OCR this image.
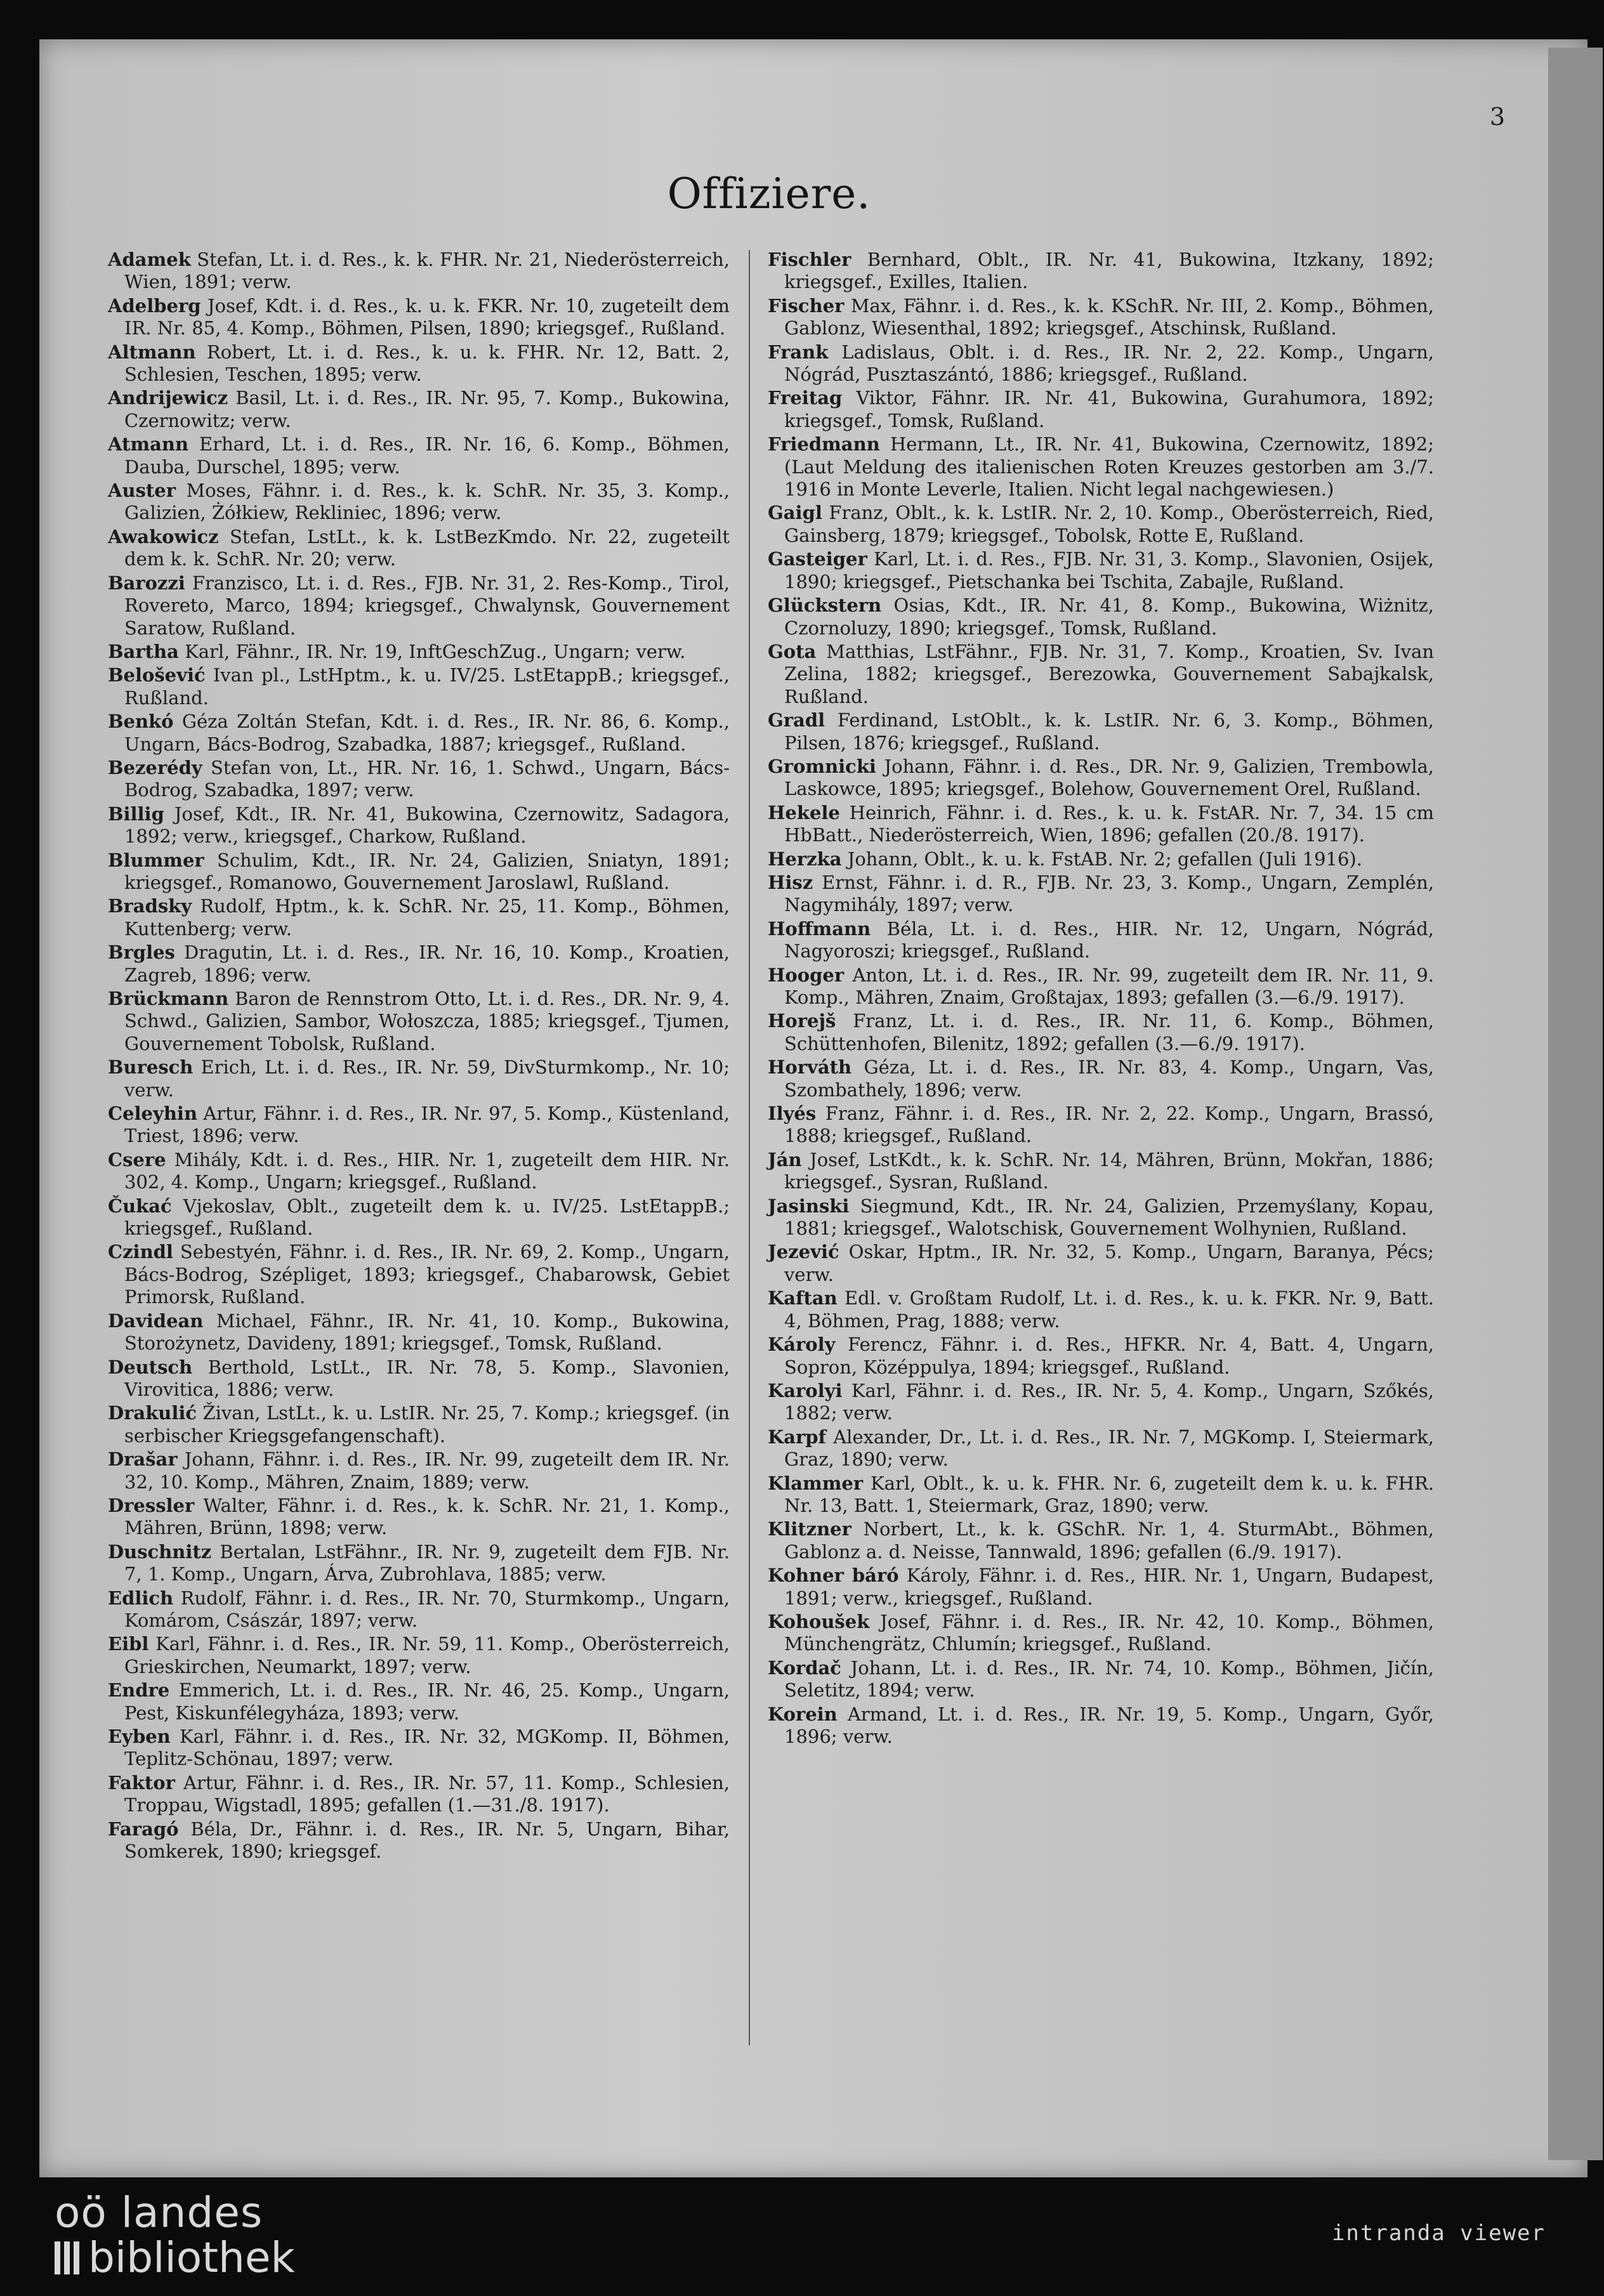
3
Offiziere.
Adamek Stefan, Lt. i. d. Res., k. k. FHR. Nr. 21, Niederösterreich, Wien, 1891; verw.
Adelberg Josef, Kdt. i. d. Res., k. u. k. FKR. Nr. 10, zugeteilt dem IR. Nr. 85, 4. Komp., Böhmen, Pilsen, 1890; kriegsgef., Rußland.
Altmann Robert, Lt. i. d. Res., k. u. k. FHR. Nr. 12, Batt. 2, Schlesien, Teschen, 1895; verw.
Andrijewicz Basil, Lt. i. d. Res., IR. Nr. 95, 7. Komp., Bukowina, Czernowitz; verw.
Atmann Erhard, Lt. i. d. Res., IR. Nr. 16, 6. Komp., Böhmen, Dauba, Durschel, 1895; verw.
Auster Moses, Fähnr. i. d. Res., k. k. SchR. Nr. 35, 3. Komp., Galizien, Żółkiew, Rekliniec, 1896; verw.
Awakowicz Stefan, LstLt., k. k. LstBezKmdo. Nr. 22, zugeteilt dem k. k. SchR. Nr. 20; verw.
Barozzi Franzisco, Lt. i. d. Res., FJB. Nr. 31, 2. Res-Komp., Tirol, Rovereto, Marco, 1894; kriegsgef., Chwalynsk, Gouvernement Saratow, Rußland.
Bartha Karl, Fähnr., IR. Nr. 19, InftGeschZug., Ungarn; verw.
Belošević Ivan pl., LstHptm., k. u. IV/25. LstEtappB.; kriegsgef., Rußland.
Benkó Géza Zoltán Stefan, Kdt. i. d. Res., IR. Nr. 86, 6. Komp., Ungarn, Bács-Bodrog, Szabadka, 1887; kriegsgef., Rußland.
Bezerédy Stefan von, Lt., HR. Nr. 16, 1. Schwd., Ungarn, Bács-Bodrog, Szabadka, 1897; verw.
Billig Josef, Kdt., IR. Nr. 41, Bukowina, Czernowitz, Sadagora, 1892; verw., kriegsgef., Charkow, Rußland.
Blummer Schulim, Kdt., IR. Nr. 24, Galizien, Sniatyn, 1891; kriegsgef., Romanowo, Gouvernement Jaroslawl, Rußland.
Bradsky Rudolf, Hptm., k. k. SchR. Nr. 25, 11. Komp., Böhmen, Kuttenberg; verw.
Brgles Dragutin, Lt. i. d. Res., IR. Nr. 16, 10. Komp., Kroatien, Zagreb, 1896; verw.
Brückmann Baron de Rennstrom Otto, Lt. i. d. Res., DR. Nr. 9, 4. Schwd., Galizien, Sambor, Wołoszcza, 1885; kriegsgef., Tjumen, Gouvernement Tobolsk, Rußland.
Buresch Erich, Lt. i. d. Res., IR. Nr. 59, DivSturmkomp., Nr. 10; verw.
Celeyhin Artur, Fähnr. i. d. Res., IR. Nr. 97, 5. Komp., Küstenland, Triest, 1896; verw.
Csere Mihály, Kdt. i. d. Res., HIR. Nr. 1, zugeteilt dem HIR. Nr. 302, 4. Komp., Ungarn; kriegsgef., Rußland.
Čukać Vjekoslav, Oblt., zugeteilt dem k. u. IV/25. LstEtappB.; kriegsgef., Rußland.
Czindl Sebestyén, Fähnr. i. d. Res., IR. Nr. 69, 2. Komp., Ungarn, Bács-Bodrog, Szépliget, 1893; kriegsgef., Chabarowsk, Gebiet Primorsk, Rußland.
Davidean Michael, Fähnr., IR. Nr. 41, 10. Komp., Bukowina, Storożynetz, Davideny, 1891; kriegsgef., Tomsk, Rußland.
Deutsch Berthold, LstLt., IR. Nr. 78, 5. Komp., Slavonien, Virovitica, 1886; verw.
Drakulić Živan, LstLt., k. u. LstIR. Nr. 25, 7. Komp.; kriegsgef. (in serbischer Kriegsgefangenschaft).
Drašar Johann, Fähnr. i. d. Res., IR. Nr. 99, zugeteilt dem IR. Nr. 32, 10. Komp., Mähren, Znaim, 1889; verw.
Dressler Walter, Fähnr. i. d. Res., k. k. SchR. Nr. 21, 1. Komp., Mähren, Brünn, 1898; verw.
Duschnitz Bertalan, LstFähnr., IR. Nr. 9, zugeteilt dem FJB. Nr. 7, 1. Komp., Ungarn, Árva, Zubrohlava, 1885; verw.
Edlich Rudolf, Fähnr. i. d. Res., IR. Nr. 70, Sturmkomp., Ungarn, Komárom, Császár, 1897; verw.
Eibl Karl, Fähnr. i. d. Res., IR. Nr. 59, 11. Komp., Oberösterreich, Grieskirchen, Neumarkt, 1897; verw.
Endre Emmerich, Lt. i. d. Res., IR. Nr. 46, 25. Komp., Ungarn, Pest, Kiskunfélegyháza, 1893; verw.
Eyben Karl, Fähnr. i. d. Res., IR. Nr. 32, MGKomp. II, Böhmen, Teplitz-Schönau, 1897; verw.
Faktor Artur, Fähnr. i. d. Res., IR. Nr. 57, 11. Komp., Schlesien, Troppau, Wigstadl, 1895; gefallen (1.—31./8. 1917).
Faragó Béla, Dr., Fähnr. i. d. Res., IR. Nr. 5, Ungarn, Bihar, Somkerek, 1890; kriegsgef.
Fischler Bernhard, Oblt., IR. Nr. 41, Bukowina, Itzkany, 1892; kriegsgef., Exilles, Italien.
Fischer Max, Fähnr. i. d. Res., k. k. KSchR. Nr. III, 2. Komp., Böhmen, Gablonz, Wiesenthal, 1892; kriegsgef., Atschinsk, Rußland.
Frank Ladislaus, Oblt. i. d. Res., IR. Nr. 2, 22. Komp., Ungarn, Nógrád, Pusztaszántó, 1886; kriegsgef., Rußland.
Freitag Viktor, Fähnr. IR. Nr. 41, Bukowina, Gurahumora, 1892; kriegsgef., Tomsk, Rußland.
Friedmann Hermann, Lt., IR. Nr. 41, Bukowina, Czernowitz, 1892; (Laut Meldung des italienischen Roten Kreuzes gestorben am 3./7. 1916 in Monte Leverle, Italien. Nicht legal nachgewiesen.)
Gaigl Franz, Oblt., k. k. LstIR. Nr. 2, 10. Komp., Oberösterreich, Ried, Gainsberg, 1879; kriegsgef., Tobolsk, Rotte E, Rußland.
Gasteiger Karl, Lt. i. d. Res., FJB. Nr. 31, 3. Komp., Slavonien, Osijek, 1890; kriegsgef., Pietschanka bei Tschita, Zabajle, Rußland.
Glückstern Osias, Kdt., IR. Nr. 41, 8. Komp., Bukowina, Wiżnitz, Czornoluzy, 1890; kriegsgef., Tomsk, Rußland.
Gota Matthias, LstFähnr., FJB. Nr. 31, 7. Komp., Kroatien, Sv. Ivan Zelina, 1882; kriegsgef., Berezowka, Gouvernement Sabajkalsk, Rußland.
Gradl Ferdinand, LstOblt., k. k. LstIR. Nr. 6, 3. Komp., Böhmen, Pilsen, 1876; kriegsgef., Rußland.
Gromnicki Johann, Fähnr. i. d. Res., DR. Nr. 9, Galizien, Trembowla, Laskowce, 1895; kriegsgef., Bolehow, Gouvernement Orel, Rußland.
Hekele Heinrich, Fähnr. i. d. Res., k. u. k. FstAR. Nr. 7, 34. 15 cm HbBatt., Niederösterreich, Wien, 1896; gefallen (20./8. 1917).
Herzka Johann, Oblt., k. u. k. FstAB. Nr. 2; gefallen (Juli 1916).
Hisz Ernst, Fähnr. i. d. R., FJB. Nr. 23, 3. Komp., Ungarn, Zemplén, Nagymihály, 1897; verw.
Hoffmann Béla, Lt. i. d. Res., HIR. Nr. 12, Ungarn, Nógrád, Nagyoroszi; kriegsgef., Rußland.
Hooger Anton, Lt. i. d. Res., IR. Nr. 99, zugeteilt dem IR. Nr. 11, 9. Komp., Mähren, Znaim, Großtajax, 1893; gefallen (3.—6./9. 1917).
Horejš Franz, Lt. i. d. Res., IR. Nr. 11, 6. Komp., Böhmen, Schüttenhofen, Bilenitz, 1892; gefallen (3.—6./9. 1917).
Horváth Géza, Lt. i. d. Res., IR. Nr. 83, 4. Komp., Ungarn, Vas, Szombathely, 1896; verw.
Ilyés Franz, Fähnr. i. d. Res., IR. Nr. 2, 22. Komp., Ungarn, Brassó, 1888; kriegsgef., Rußland.
Ján Josef, LstKdt., k. k. SchR. Nr. 14, Mähren, Brünn, Mokřan, 1886; kriegsgef., Sysran, Rußland.
Jasinski Siegmund, Kdt., IR. Nr. 24, Galizien, Przemyślany, Kopau, 1881; kriegsgef., Walotschisk, Gouvernement Wolhynien, Rußland.
Jezević Oskar, Hptm., IR. Nr. 32, 5. Komp., Ungarn, Baranya, Pécs; verw.
Kaftan Edl. v. Großtam Rudolf, Lt. i. d. Res., k. u. k. FKR. Nr. 9, Batt. 4, Böhmen, Prag, 1888; verw.
Károly Ferencz, Fähnr. i. d. Res., HFKR. Nr. 4, Batt. 4, Ungarn, Sopron, Középpulya, 1894; kriegsgef., Rußland.
Karolyi Karl, Fähnr. i. d. Res., IR. Nr. 5, 4. Komp., Ungarn, Szőkés, 1882; verw.
Karpf Alexander, Dr., Lt. i. d. Res., IR. Nr. 7, MGKomp. I, Steiermark, Graz, 1890; verw.
Klammer Karl, Oblt., k. u. k. FHR. Nr. 6, zugeteilt dem k. u. k. FHR. Nr. 13, Batt. 1, Steiermark, Graz, 1890; verw.
Klitzner Norbert, Lt., k. k. GSchR. Nr. 1, 4. SturmAbt., Böhmen, Gablonz a. d. Neisse, Tannwald, 1896; gefallen (6./9. 1917).
Kohner báró Károly, Fähnr. i. d. Res., HIR. Nr. 1, Ungarn, Budapest, 1891; verw., kriegsgef., Rußland.
Kohoušek Josef, Fähnr. i. d. Res., IR. Nr. 42, 10. Komp., Böhmen, Münchengrätz, Chlumín; kriegsgef., Rußland.
Kordač Johann, Lt. i. d. Res., IR. Nr. 74, 10. Komp., Böhmen, Jičín, Seletitz, 1894; verw.
Korein Armand, Lt. i. d. Res., IR. Nr. 19, 5. Komp., Ungarn, Győr, 1896; verw.
oö landes
bibliothek	intranda viewer
